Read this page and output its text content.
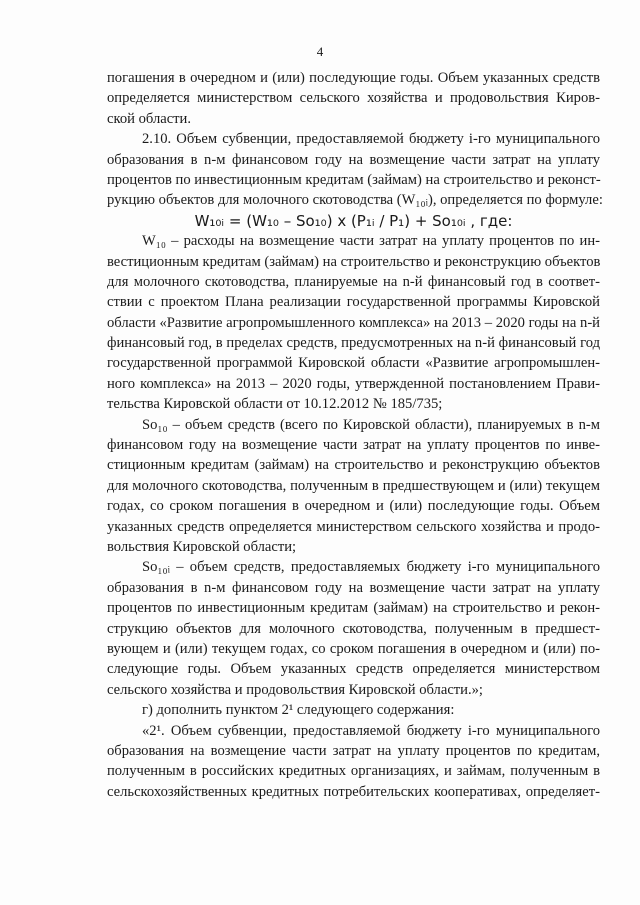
4
погашения в очередном и (или) последующие годы. Объем указанных средств
определяется министерством сельского хозяйства и продовольствия Киров-
ской области.
2.10. Объем субвенции, предоставляемой бюджету i-го муниципального
образования в n-м финансовом году на возмещение части затрат на уплату
процентов по инвестиционным кредитам (займам) на строительство и реконст-
рукцию объектов для молочного скотоводства (W₁₀ᵢ), определяется по формуле:
W₁₀ᵢ = (W₁₀ – So₁₀) x (P₁ᵢ / P₁) + So₁₀ᵢ , где:
W₁₀ – расходы на возмещение части затрат на уплату процентов по ин-
вестиционным кредитам (займам) на строительство и реконструкцию объектов
для молочного скотоводства, планируемые на n-й финансовый год в соответ-
ствии с проектом Плана реализации государственной программы Кировской
области «Развитие агропромышленного комплекса» на 2013 – 2020 годы на n-й
финансовый год, в пределах средств, предусмотренных на n-й финансовый год
государственной программой Кировской области «Развитие агропромышлен-
ного комплекса» на 2013 – 2020 годы, утвержденной постановлением Прави-
тельства Кировской области от 10.12.2012 № 185/735;
So₁₀ – объем средств (всего по Кировской области), планируемых в n-м
финансовом году на возмещение части затрат на уплату процентов по инве-
стиционным кредитам (займам) на строительство и реконструкцию объектов
для молочного скотоводства, полученным в предшествующем и (или) текущем
годах, со сроком погашения в очередном и (или) последующие годы. Объем
указанных средств определяется министерством сельского хозяйства и продо-
вольствия Кировской области;
So₁₀ᵢ – объем средств, предоставляемых бюджету i-го муниципального
образования в n-м финансовом году на возмещение части затрат на уплату
процентов по инвестиционным кредитам (займам) на строительство и рекон-
струкцию объектов для молочного скотоводства, полученным в предшест-
вующем и (или) текущем годах, со сроком погашения в очередном и (или) по-
следующие годы. Объем указанных средств определяется министерством
сельского хозяйства и продовольствия Кировской области.»;
г) дополнить пунктом 2¹ следующего содержания:
«2¹. Объем субвенции, предоставляемой бюджету i-го муниципального
образования на возмещение части затрат на уплату процентов по кредитам,
полученным в российских кредитных организациях, и займам, полученным в
сельскохозяйственных кредитных потребительских кооперативах, определяет-
